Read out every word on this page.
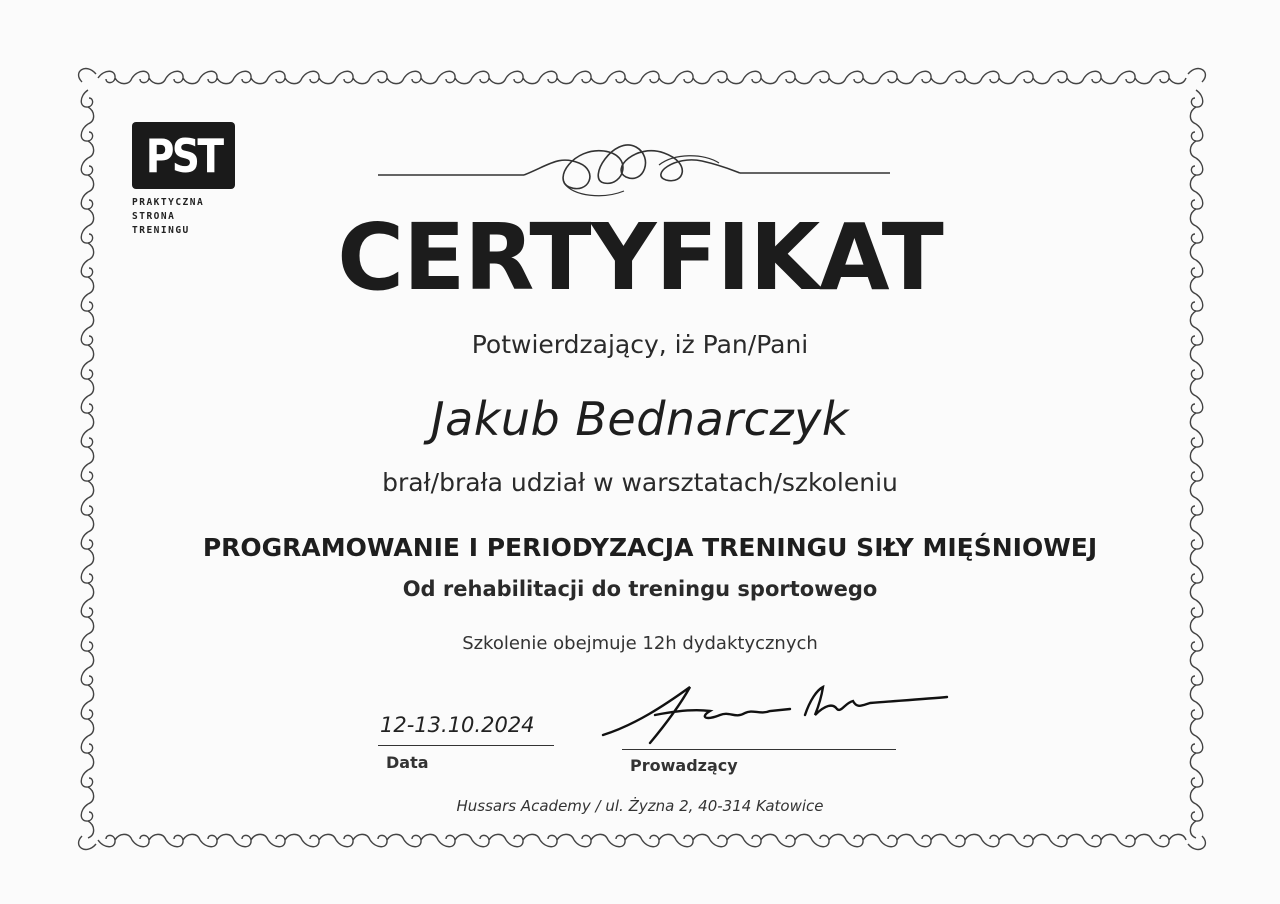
PST
PRAKTYCZNA
STRONA
TRENINGU	CERTYFIKAT
Potwierdzający, iż Pan/Pani
Jakub Bednarczyk
brał/brała udział w warsztatach/szkoleniu
PROGRAMOWANIE I PERIODYZACJA TRENINGU SIŁY MIĘŚNIOWEJ
Od rehabilitacji do treningu sportowego
Szkolenie obejmuje 12h dydaktycznych
12-13.10.2024
Data	Prowadzący
Hussars Academy / ul. Żyzna 2, 40-314 Katowice
